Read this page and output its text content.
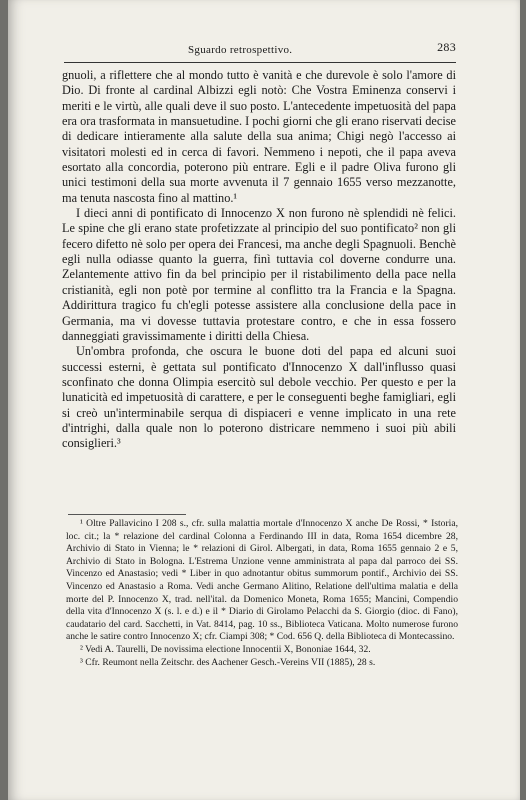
Sguardo retrospettivo.	283

gnuoli, a riflettere che al mondo tutto è vanità e che durevole è solo l'amore di Dio. Di fronte al cardinal Albizzi egli notò: Che Vostra Eminenza conservi i meriti e le virtù, alle quali deve il suo posto. L'antecedente impetuosità del papa era ora trasformata in mansuetudine. I pochi giorni che gli erano riservati decise di dedicare intieramente alla salute della sua anima; Chigi negò l'accesso ai visitatori molesti ed in cerca di favori. Nemmeno i nepoti, che il papa aveva esortato alla concordia, poterono più entrare. Egli e il padre Oliva furono gli unici testimoni della sua morte avvenuta il 7 gennaio 1655 verso mezzanotte, ma tenuta nascosta fino al mattino.¹

I dieci anni di pontificato di Innocenzo X non furono nè splendidi nè felici. Le spine che gli erano state profetizzate al principio del suo pontificato² non gli fecero difetto nè solo per opera dei Francesi, ma anche degli Spagnuoli. Benchè egli nulla odiasse quanto la guerra, finì tuttavia col doverne condurre una. Zelantemente attivo fin da bel principio per il ristabilimento della pace nella cristianità, egli non potè por termine al conflitto tra la Francia e la Spagna. Addirittura tragico fu ch'egli potesse assistere alla conclusione della pace in Germania, ma vi dovesse tuttavia protestare contro, e che in essa fossero danneggiati gravissimamente i diritti della Chiesa.

Un'ombra profonda, che oscura le buone doti del papa ed alcuni suoi successi esterni, è gettata sul pontificato d'Innocenzo X dall'influsso quasi sconfinato che donna Olimpia esercitò sul debole vecchio. Per questo e per la lunaticità ed impetuosità di carattere, e per le conseguenti beghe famigliari, egli si creò un'interminabile serqua di dispiaceri e venne implicato in una rete d'intrighi, dalla quale non lo poterono districare nemmeno i suoi più abili consiglieri.³

¹ Oltre Pallavicino I 208 s., cfr. sulla malattia mortale d'Innocenzo X anche De Rossi, * Istoria, loc. cit.; la * relazione del cardinal Colonna a Ferdinando III in data, Roma 1654 dicembre 28, Archivio di Stato in Vienna; le * relazioni di Girol. Albergati, in data, Roma 1655 gennaio 2 e 5, Archivio di Stato in Bologna. L'Estrema Unzione venne amministrata al papa dal parroco dei SS. Vincenzo ed Anastasio; vedi * Liber in quo adnotantur obitus summorum pontif., Archivio dei SS. Vincenzo ed Anastasio a Roma. Vedi anche Germano Alitino, Relatione dell'ultima malatia e della morte del P. Innocenzo X, trad. nell'ital. da Domenico Moneta, Roma 1655; Mancini, Compendio della vita d'Innocenzo X (s. l. e d.) e il * Diario di Girolamo Pelacchi da S. Giorgio (dioc. di Fano), caudatario del card. Sacchetti, in Vat. 8414, pag. 10 ss., Biblioteca Vaticana. Molto numerose furono anche le satire contro Innocenzo X; cfr. Ciampi 308; * Cod. 656 Q. della Biblioteca di Montecassino.

² Vedi A. Taurelli, De novissima electione Innocentii X, Bononiae 1644, 32.

³ Cfr. Reumont nella Zeitschr. des Aachener Gesch.-Vereins VII (1885), 28 s.
